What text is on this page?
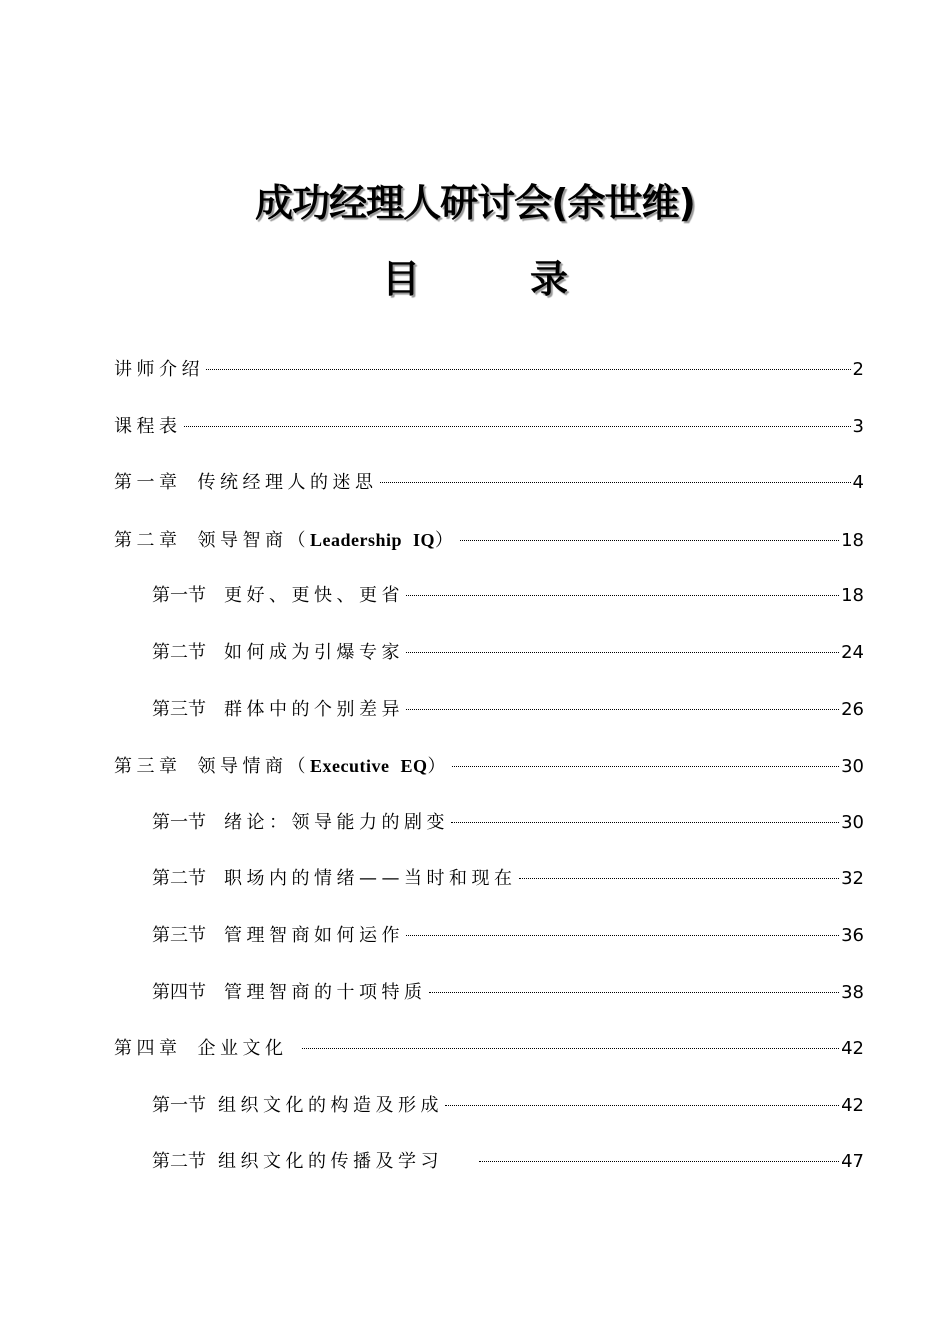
成功经理人研讨会(余世维)
目	录
讲师介绍	2
课程表	3
第一章 传统经理人的迷思	4
第二章 领导智商（Leadership IQ）	18
第一节 更好、更快、更省	18
第二节 如何成为引爆专家	24
第三节 群体中的个别差异	26
第三章 领导情商（Executive EQ）	30
第一节 绪论：领导能力的剧变	30
第二节 职场内的情绪——当时和现在	32
第三节 管理智商如何运作	36
第四节 管理智商的十项特质	38
第四章 企业文化	42
第一节 组织文化的构造及形成	42
第二节 组织文化的传播及学习	47
